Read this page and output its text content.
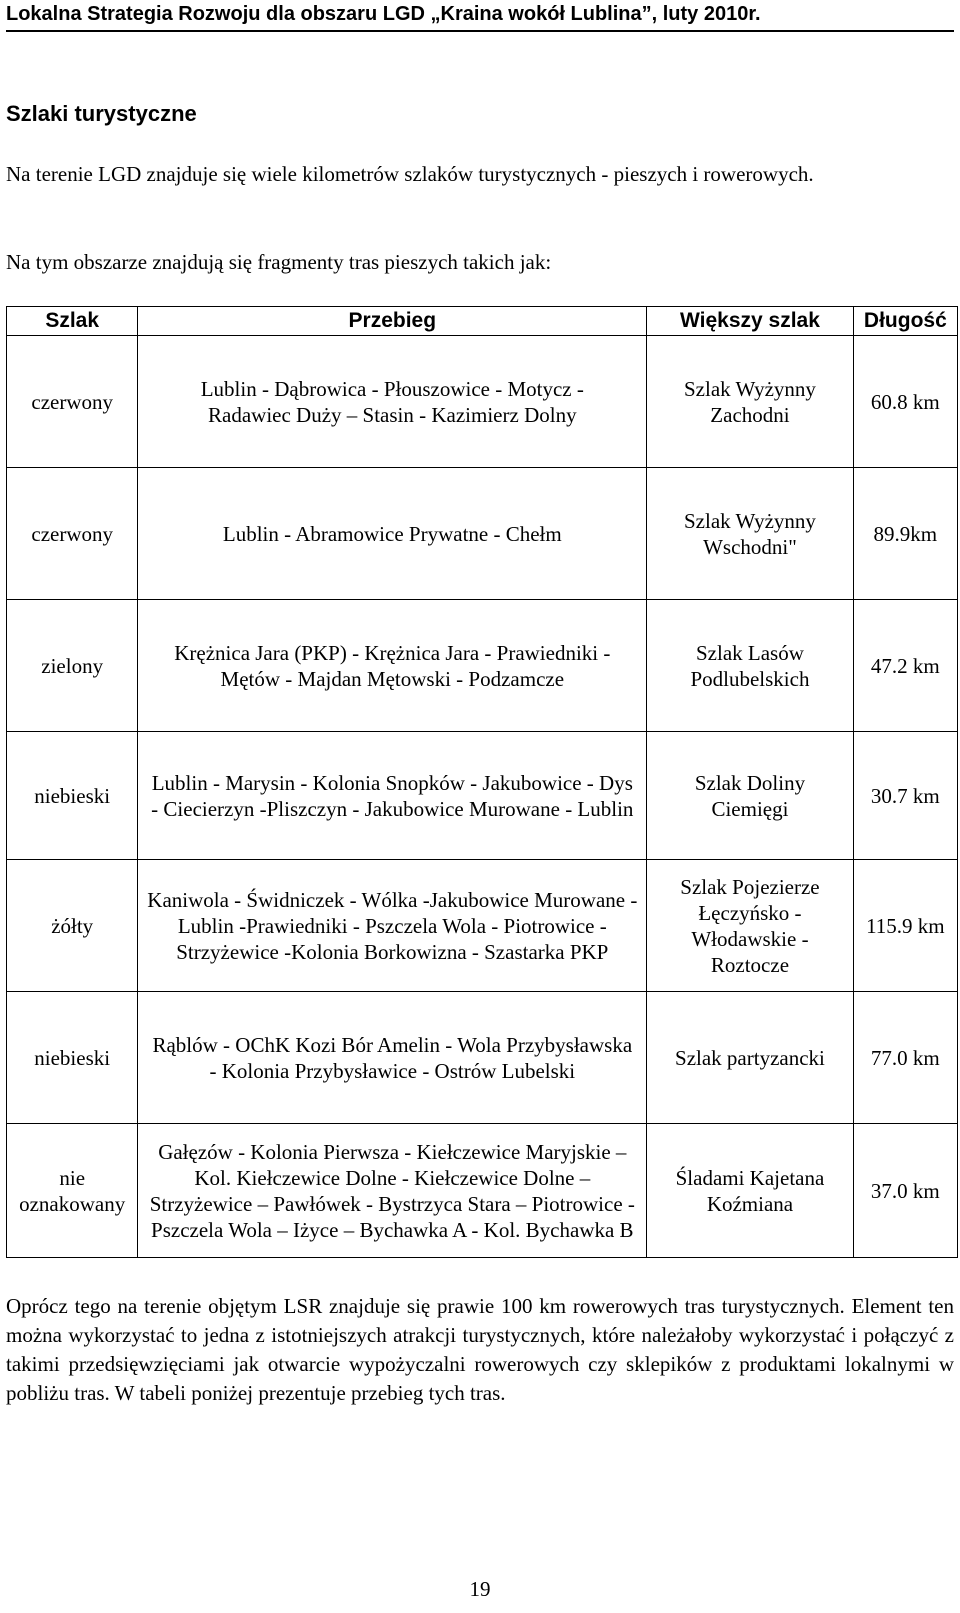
Lokalna Strategia Rozwoju dla obszaru LGD „Kraina wokół Lublina”, luty 2010r.
Szlaki turystyczne
Na terenie LGD znajduje się wiele kilometrów szlaków turystycznych - pieszych i rowerowych.
Na tym obszarze znajdują się fragmenty tras pieszych takich jak:
Szlak	Przebieg	Większy szlak	Długość
czerwony	Lublin - Dąbrowica - Płouszowice - Motycz - Radawiec Duży – Stasin - Kazimierz Dolny	Szlak Wyżynny Zachodni	60.8 km
czerwony	Lublin - Abramowice Prywatne - Chełm	Szlak Wyżynny Wschodni"	89.9km
zielony	Krężnica Jara (PKP) - Krężnica Jara - Prawiedniki - Mętów - Majdan Mętowski - Podzamcze	Szlak Lasów Podlubelskich	47.2 km
niebieski	Lublin - Marysin - Kolonia Snopków - Jakubowice - Dys - Ciecierzyn -Pliszczyn - Jakubowice Murowane - Lublin	Szlak Doliny Ciemięgi	30.7 km
żółty	Kaniwola - Świdniczek - Wólka -Jakubowice Murowane - Lublin -Prawiedniki - Pszczela Wola - Piotrowice - Strzyżewice -Kolonia Borkowizna - Szastarka PKP	Szlak Pojezierze Łęczyńsko - Włodawskie - Roztocze	115.9 km
niebieski	Rąblów - OChK Kozi Bór Amelin - Wola Przybysławska - Kolonia Przybysławice - Ostrów Lubelski	Szlak partyzancki	77.0 km
nie oznakowany	Gałęzów - Kolonia Pierwsza - Kiełczewice Maryjskie – Kol. Kiełczewice Dolne - Kiełczewice Dolne – Strzyżewice – Pawłówek - Bystrzyca Stara – Piotrowice - Pszczela Wola – Iżyce – Bychawka A - Kol. Bychawka B	Śladami Kajetana Koźmiana	37.0 km
Oprócz tego na terenie objętym LSR znajduje się prawie 100 km rowerowych tras turystycznych. Element ten można wykorzystać to jedna z istotniejszych atrakcji turystycznych, które należałoby wykorzystać i połączyć z takimi przedsięwzięciami jak otwarcie wypożyczalni rowerowych czy sklepików z produktami lokalnymi w pobliżu tras. W tabeli poniżej prezentuje przebieg tych tras.
19
